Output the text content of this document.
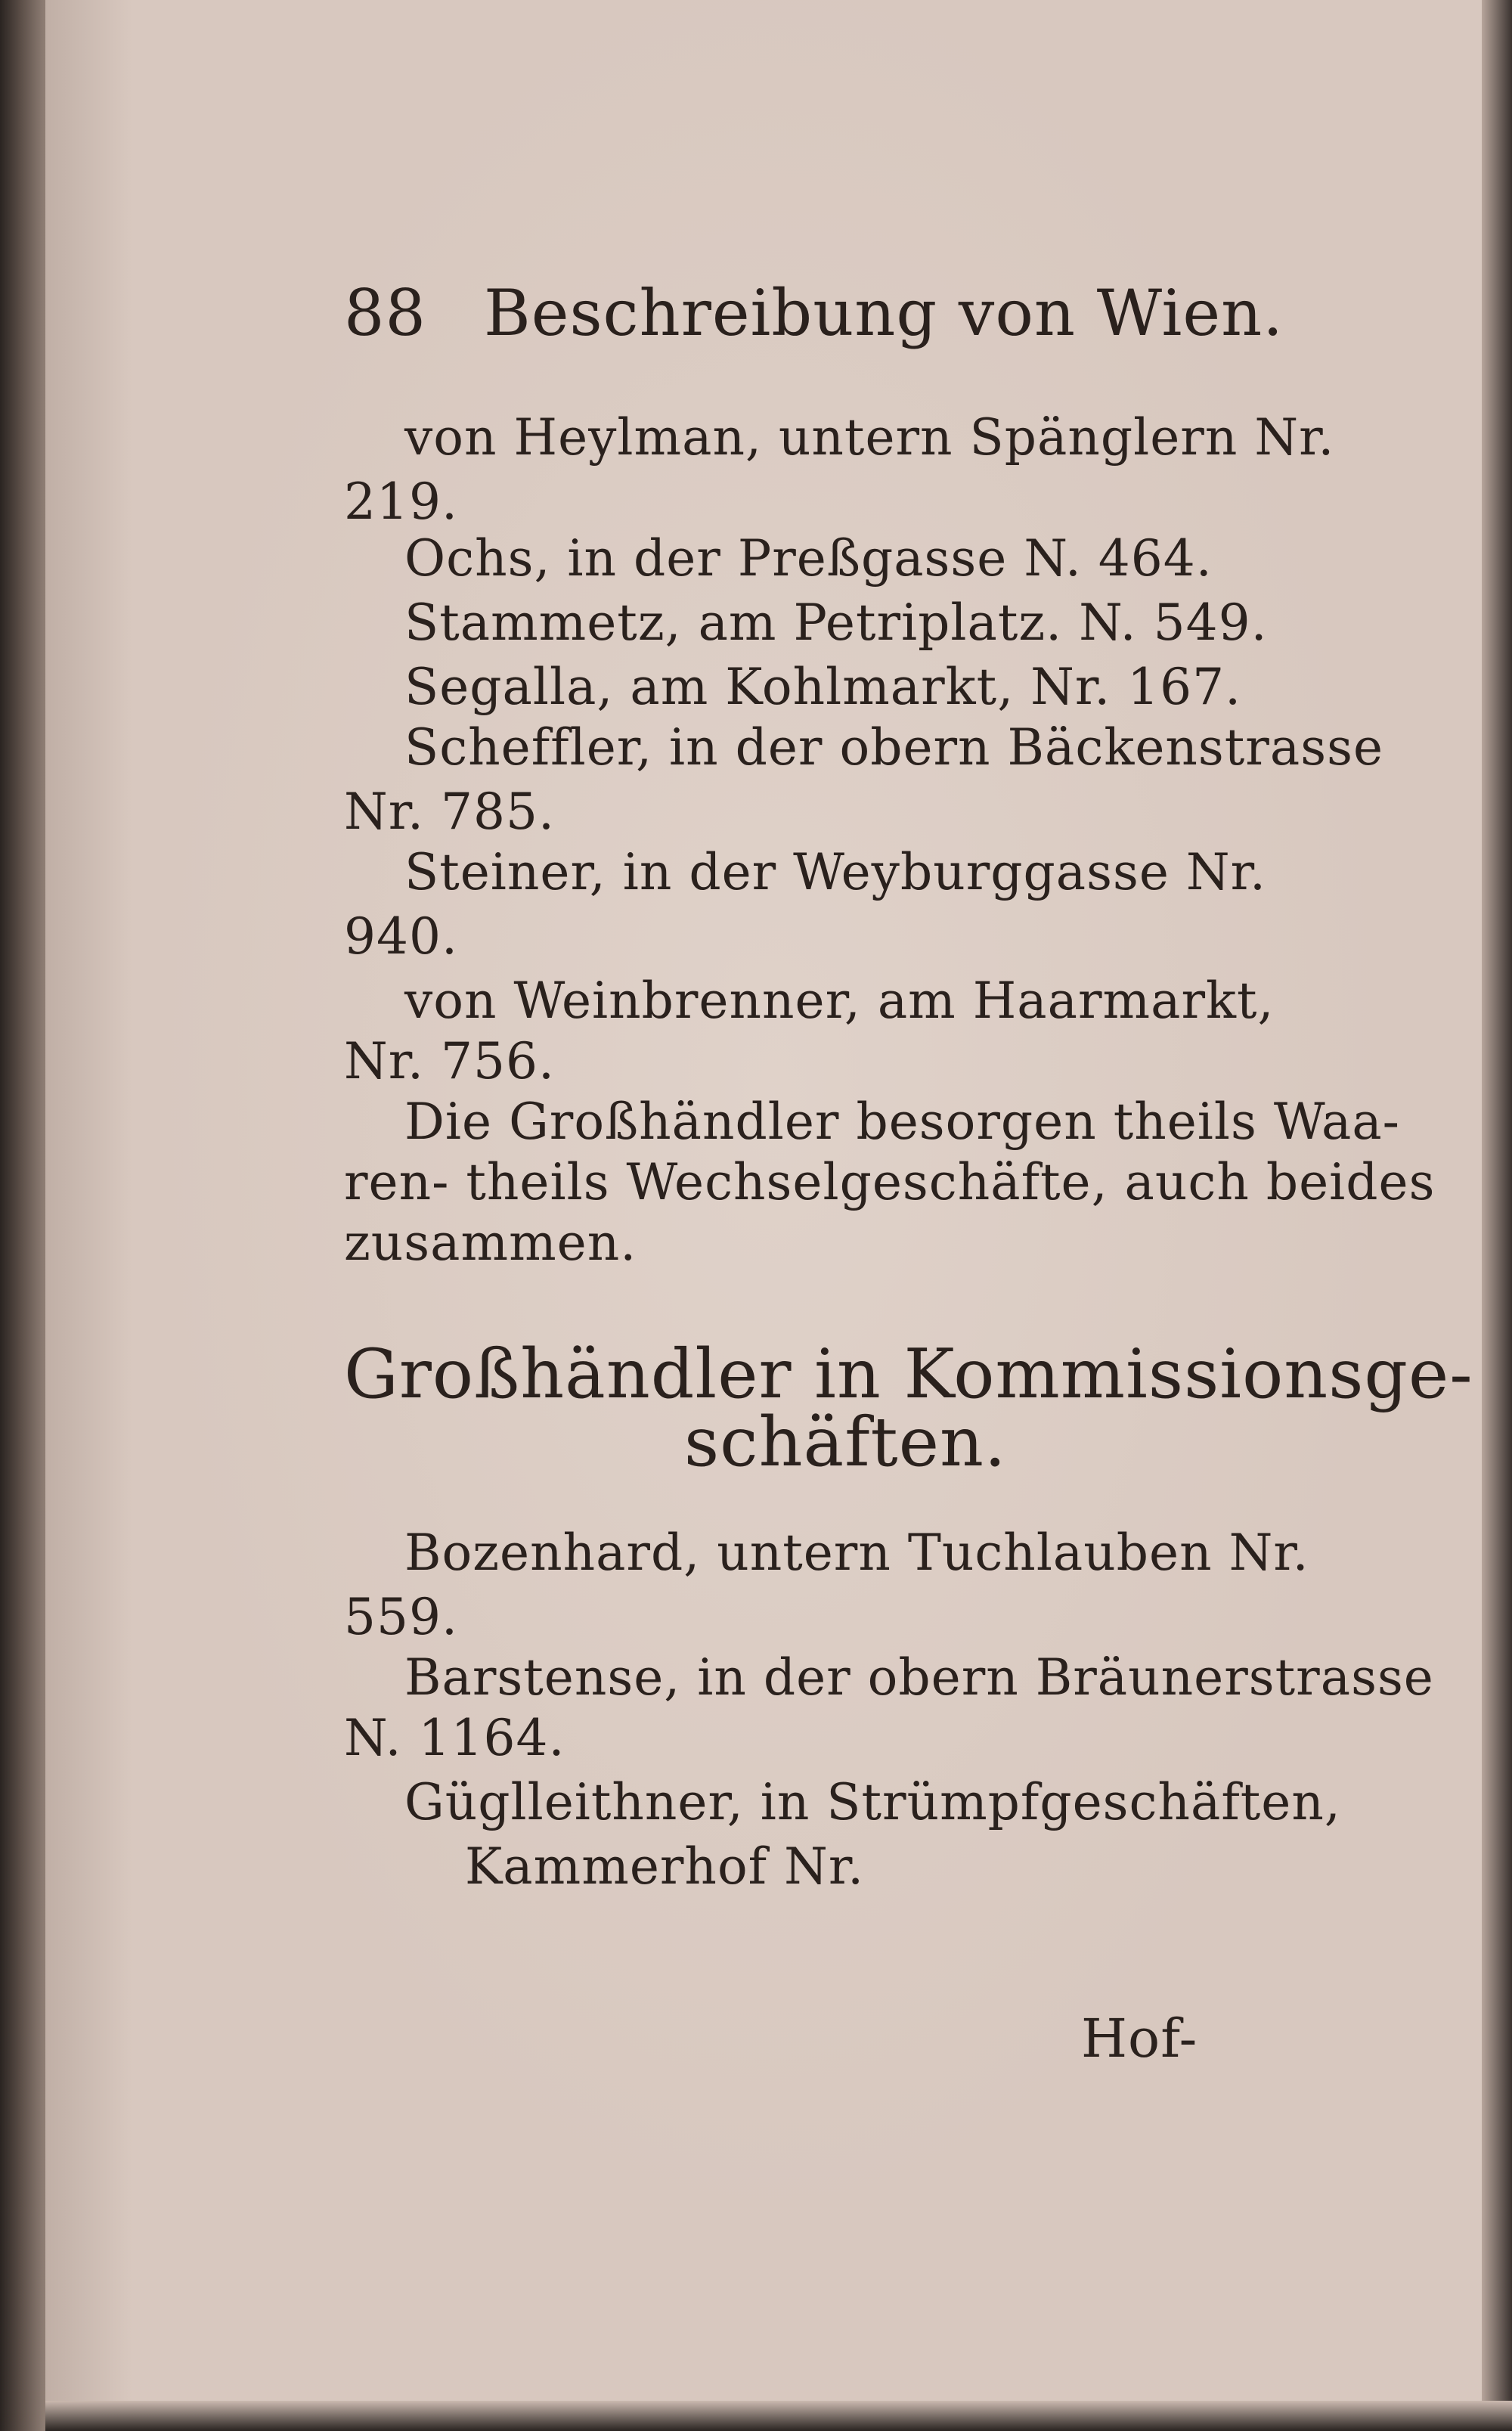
88 Beschreibung von Wien.
von Heylman, untern Spänglern Nr.
219.
Ochs, in der Preßgasse N. 464.
Stammetz, am Petriplatz. N. 549.
Segalla, am Kohlmarkt, Nr. 167.
Scheffler, in der obern Bäckenstrasse
Nr. 785.
Steiner, in der Weyburggasse Nr.
940.
von Weinbrenner, am Haarmarkt,
Nr. 756.
Die Großhändler besorgen theils Waa-
ren- theils Wechselgeschäfte, auch beides
zusammen.
Großhändler in Kommissionsge-
schäften.
Bozenhard, untern Tuchlauben Nr.
559.
Barstense, in der obern Bräunerstrasse
N. 1164.
Güglleithner, in Strümpfgeschäften,
Kammerhof Nr.
Hof-
